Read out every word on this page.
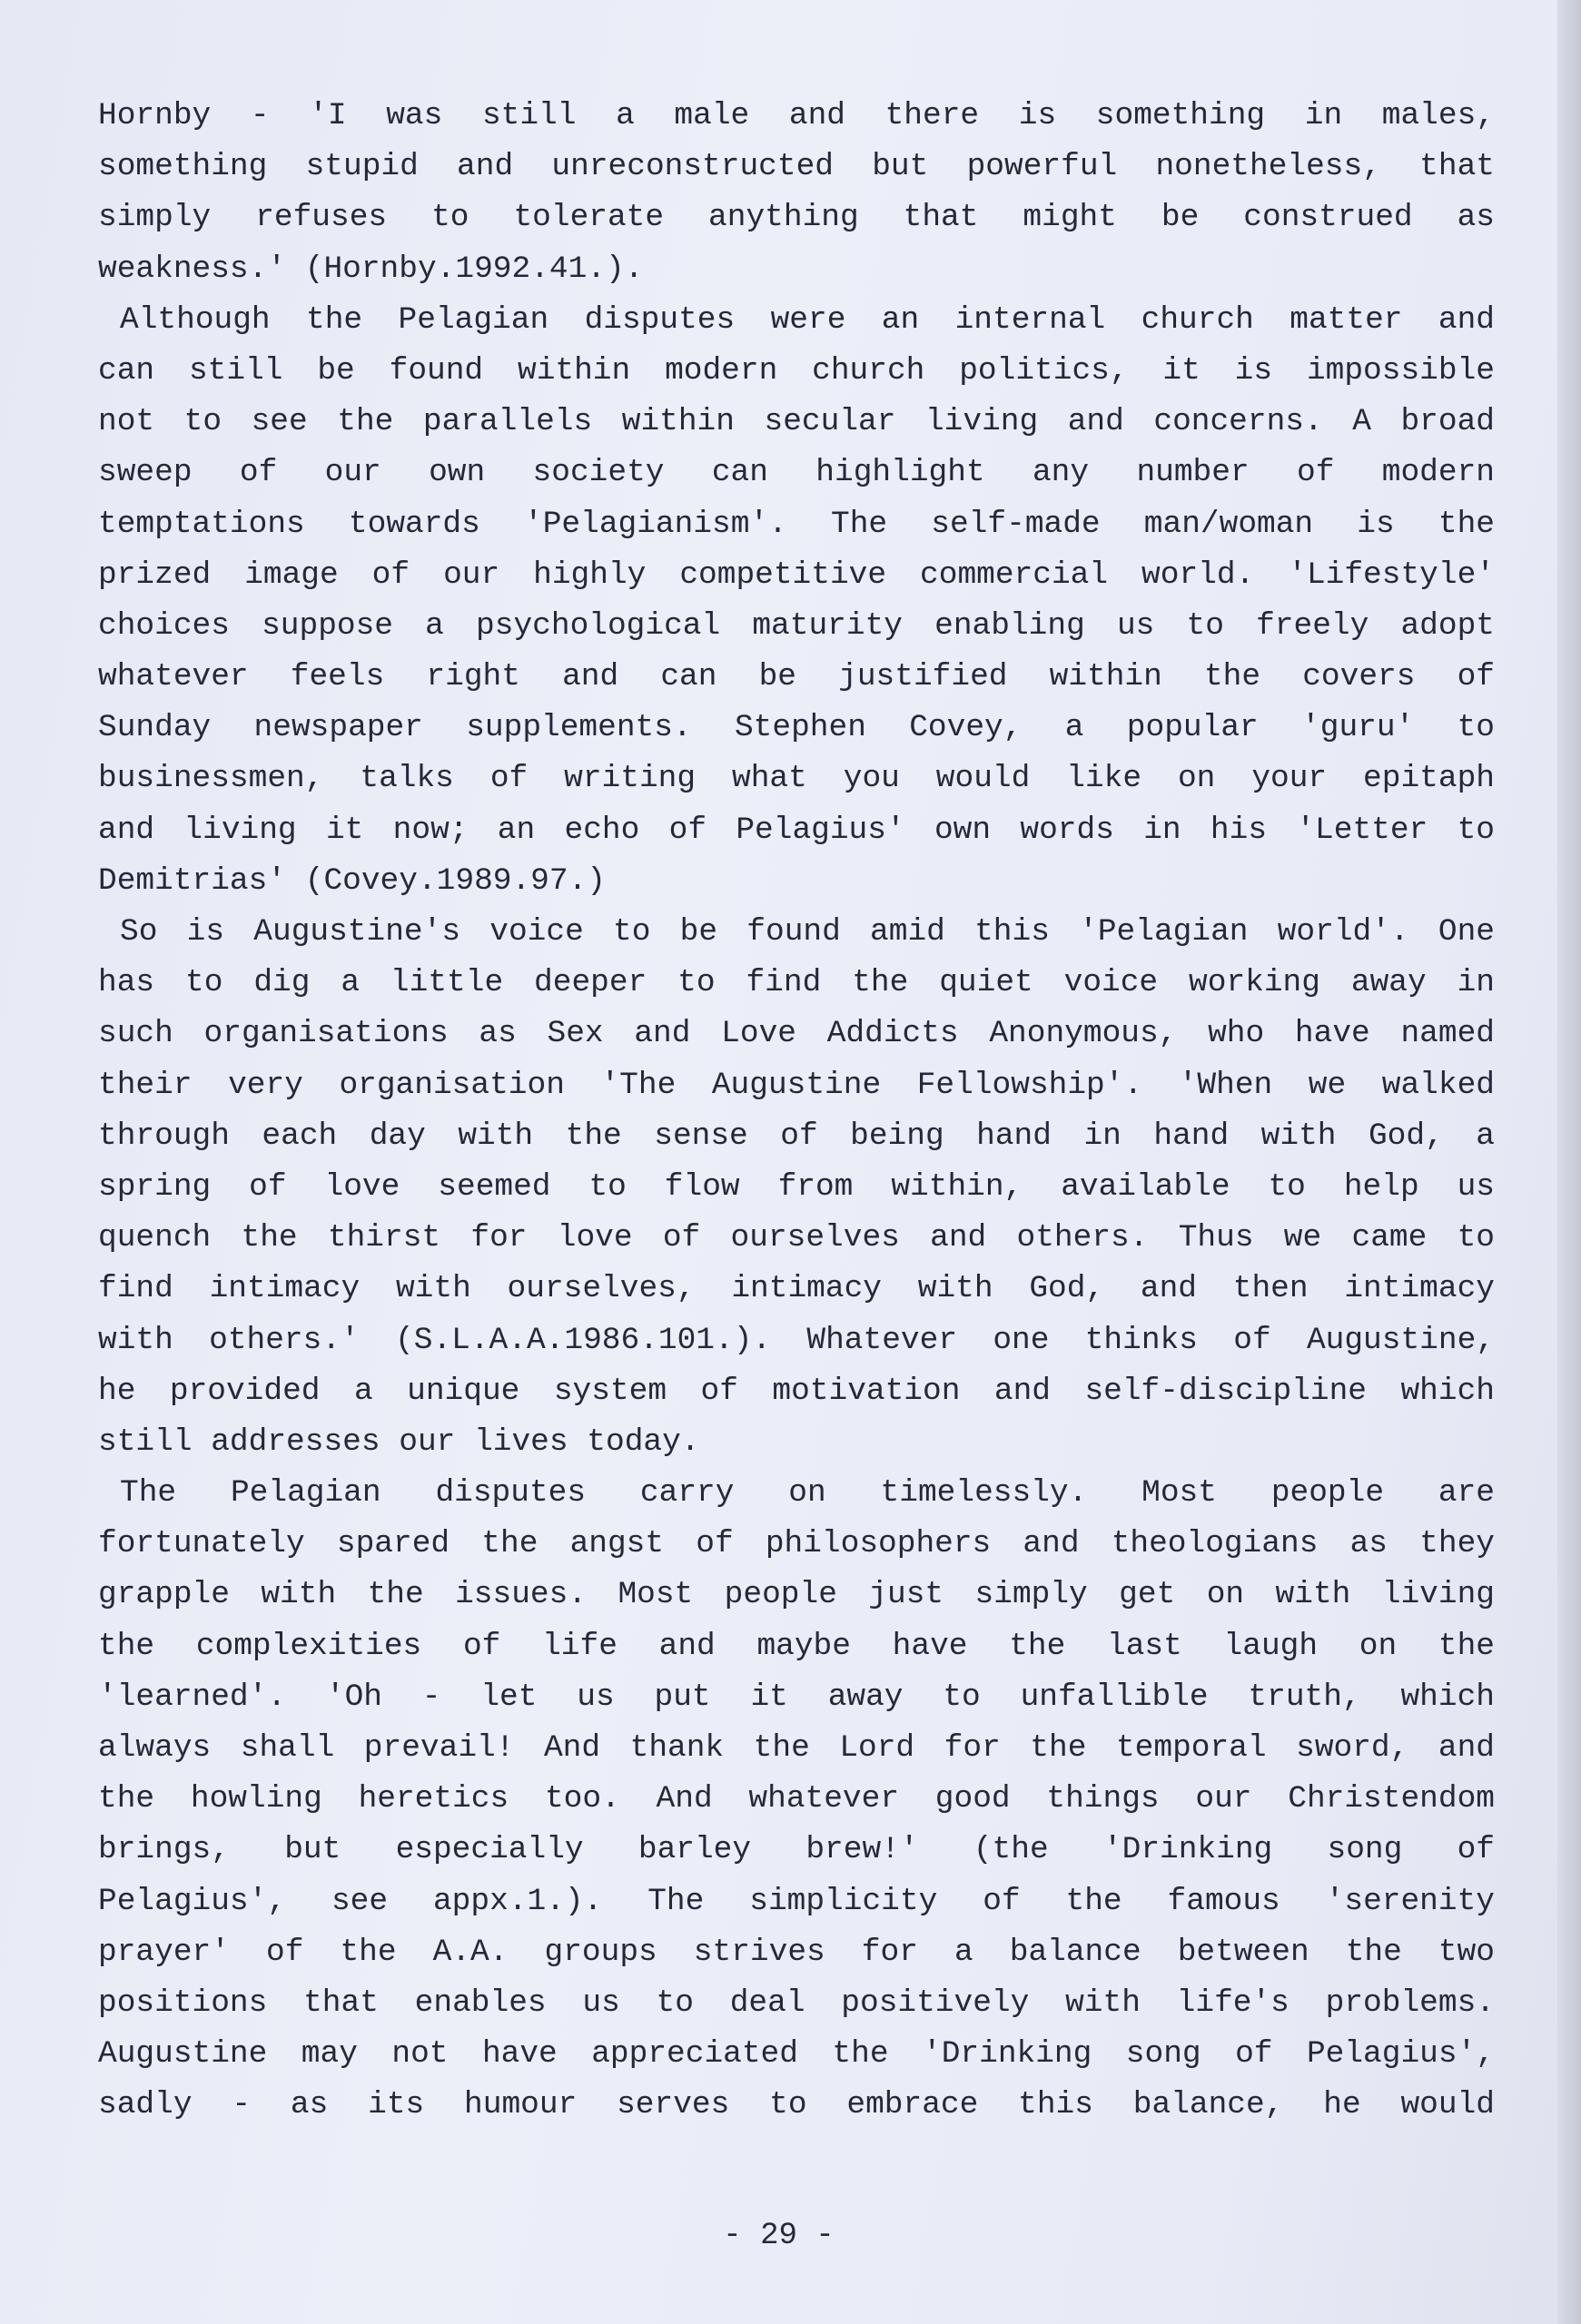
Hornby - 'I was still a male and there is something in males,
something stupid and unreconstructed but powerful nonetheless, that
simply refuses to tolerate anything that might be construed as
weakness.' (Hornby.1992.41.).
Although the Pelagian disputes were an internal church matter and
can still be found within modern church politics, it is impossible
not to see the parallels within secular living and concerns. A broad
sweep of our own society can highlight any number of modern
temptations towards 'Pelagianism'. The self-made man/woman is the
prized image of our highly competitive commercial world. 'Lifestyle'
choices suppose a psychological maturity enabling us to freely adopt
whatever feels right and can be justified within the covers of
Sunday newspaper supplements. Stephen Covey, a popular 'guru' to
businessmen, talks of writing what you would like on your epitaph
and living it now; an echo of Pelagius' own words in his 'Letter to
Demitrias' (Covey.1989.97.)
So is Augustine's voice to be found amid this 'Pelagian world'. One
has to dig a little deeper to find the quiet voice working away in
such organisations as Sex and Love Addicts Anonymous, who have named
their very organisation 'The Augustine Fellowship'. 'When we walked
through each day with the sense of being hand in hand with God, a
spring of love seemed to flow from within, available to help us
quench the thirst for love of ourselves and others. Thus we came to
find intimacy with ourselves, intimacy with God, and then intimacy
with others.' (S.L.A.A.1986.101.). Whatever one thinks of Augustine,
he provided a unique system of motivation and self-discipline which
still addresses our lives today.
The Pelagian disputes carry on timelessly. Most people are
fortunately spared the angst of philosophers and theologians as they
grapple with the issues. Most people just simply get on with living
the complexities of life and maybe have the last laugh on the
'learned'. 'Oh - let us put it away to unfallible truth, which
always shall prevail! And thank the Lord for the temporal sword, and
the howling heretics too. And whatever good things our Christendom
brings, but especially barley brew!' (the 'Drinking song of
Pelagius', see appx.1.). The simplicity of the famous 'serenity
prayer' of the A.A. groups strives for a balance between the two
positions that enables us to deal positively with life's problems.
Augustine may not have appreciated the 'Drinking song of Pelagius',
sadly - as its humour serves to embrace this balance, he would
- 29 -
